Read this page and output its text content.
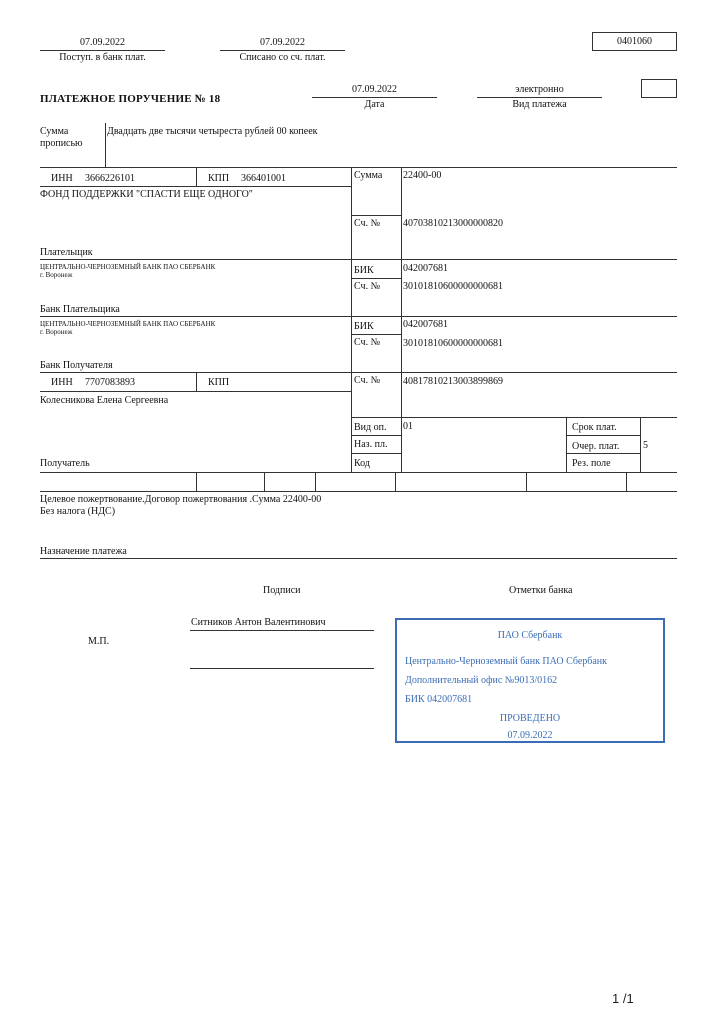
07.09.2022
Поступ. в банк плат.
07.09.2022
Списано со сч. плат.
0401060
ПЛАТЕЖНОЕ ПОРУЧЕНИЕ № 18
07.09.2022
Дата
электронно
Вид платежа
Сумма
прописью
Двадцать две тысячи четыреста рублей 00 копеек
ИНН 3666226101	КПП 366401001
ФОНД ПОДДЕРЖКИ "СПАСТИ ЕЩЕ ОДНОГО"
Сумма 22400-00
Сч. № 40703810213000000820
Плательщик
ЦЕНТРАЛЬНО-ЧЕРНОЗЕМНЫЙ БАНК ПАО СБЕРБАНК
г. Воронеж	БИК	042007681
Сч. № 30101810600000000681
Банк Плательщика
ЦЕНТРАЛЬНО-ЧЕРНОЗЕМНЫЙ БАНК ПАО СБЕРБАНК
г. Воронеж	БИК	042007681
Сч. № 30101810600000000681
Банк Получателя
ИНН 7707083893	КПП
Колесникова Елена Сергеевна
Сч. № 40817810213003899869
Вид оп. 01	Срок плат.
Наз. пл.	Очер. плат. 5
Код	Рез. поле
Получатель
Целевое пожертвование.Договор пожертвования .Сумма 22400-00
Без налога (НДС)
Назначение платежа
Подписи	Отметки банка
Ситников Антон Валентинович
М.П.
ПАО Сбербанк
Центрально-Черноземный банк ПАО Сбербанк
Дополнительный офис №9013/0162
БИК 042007681
ПРОВЕДЕНО
07.09.2022
1 /1
